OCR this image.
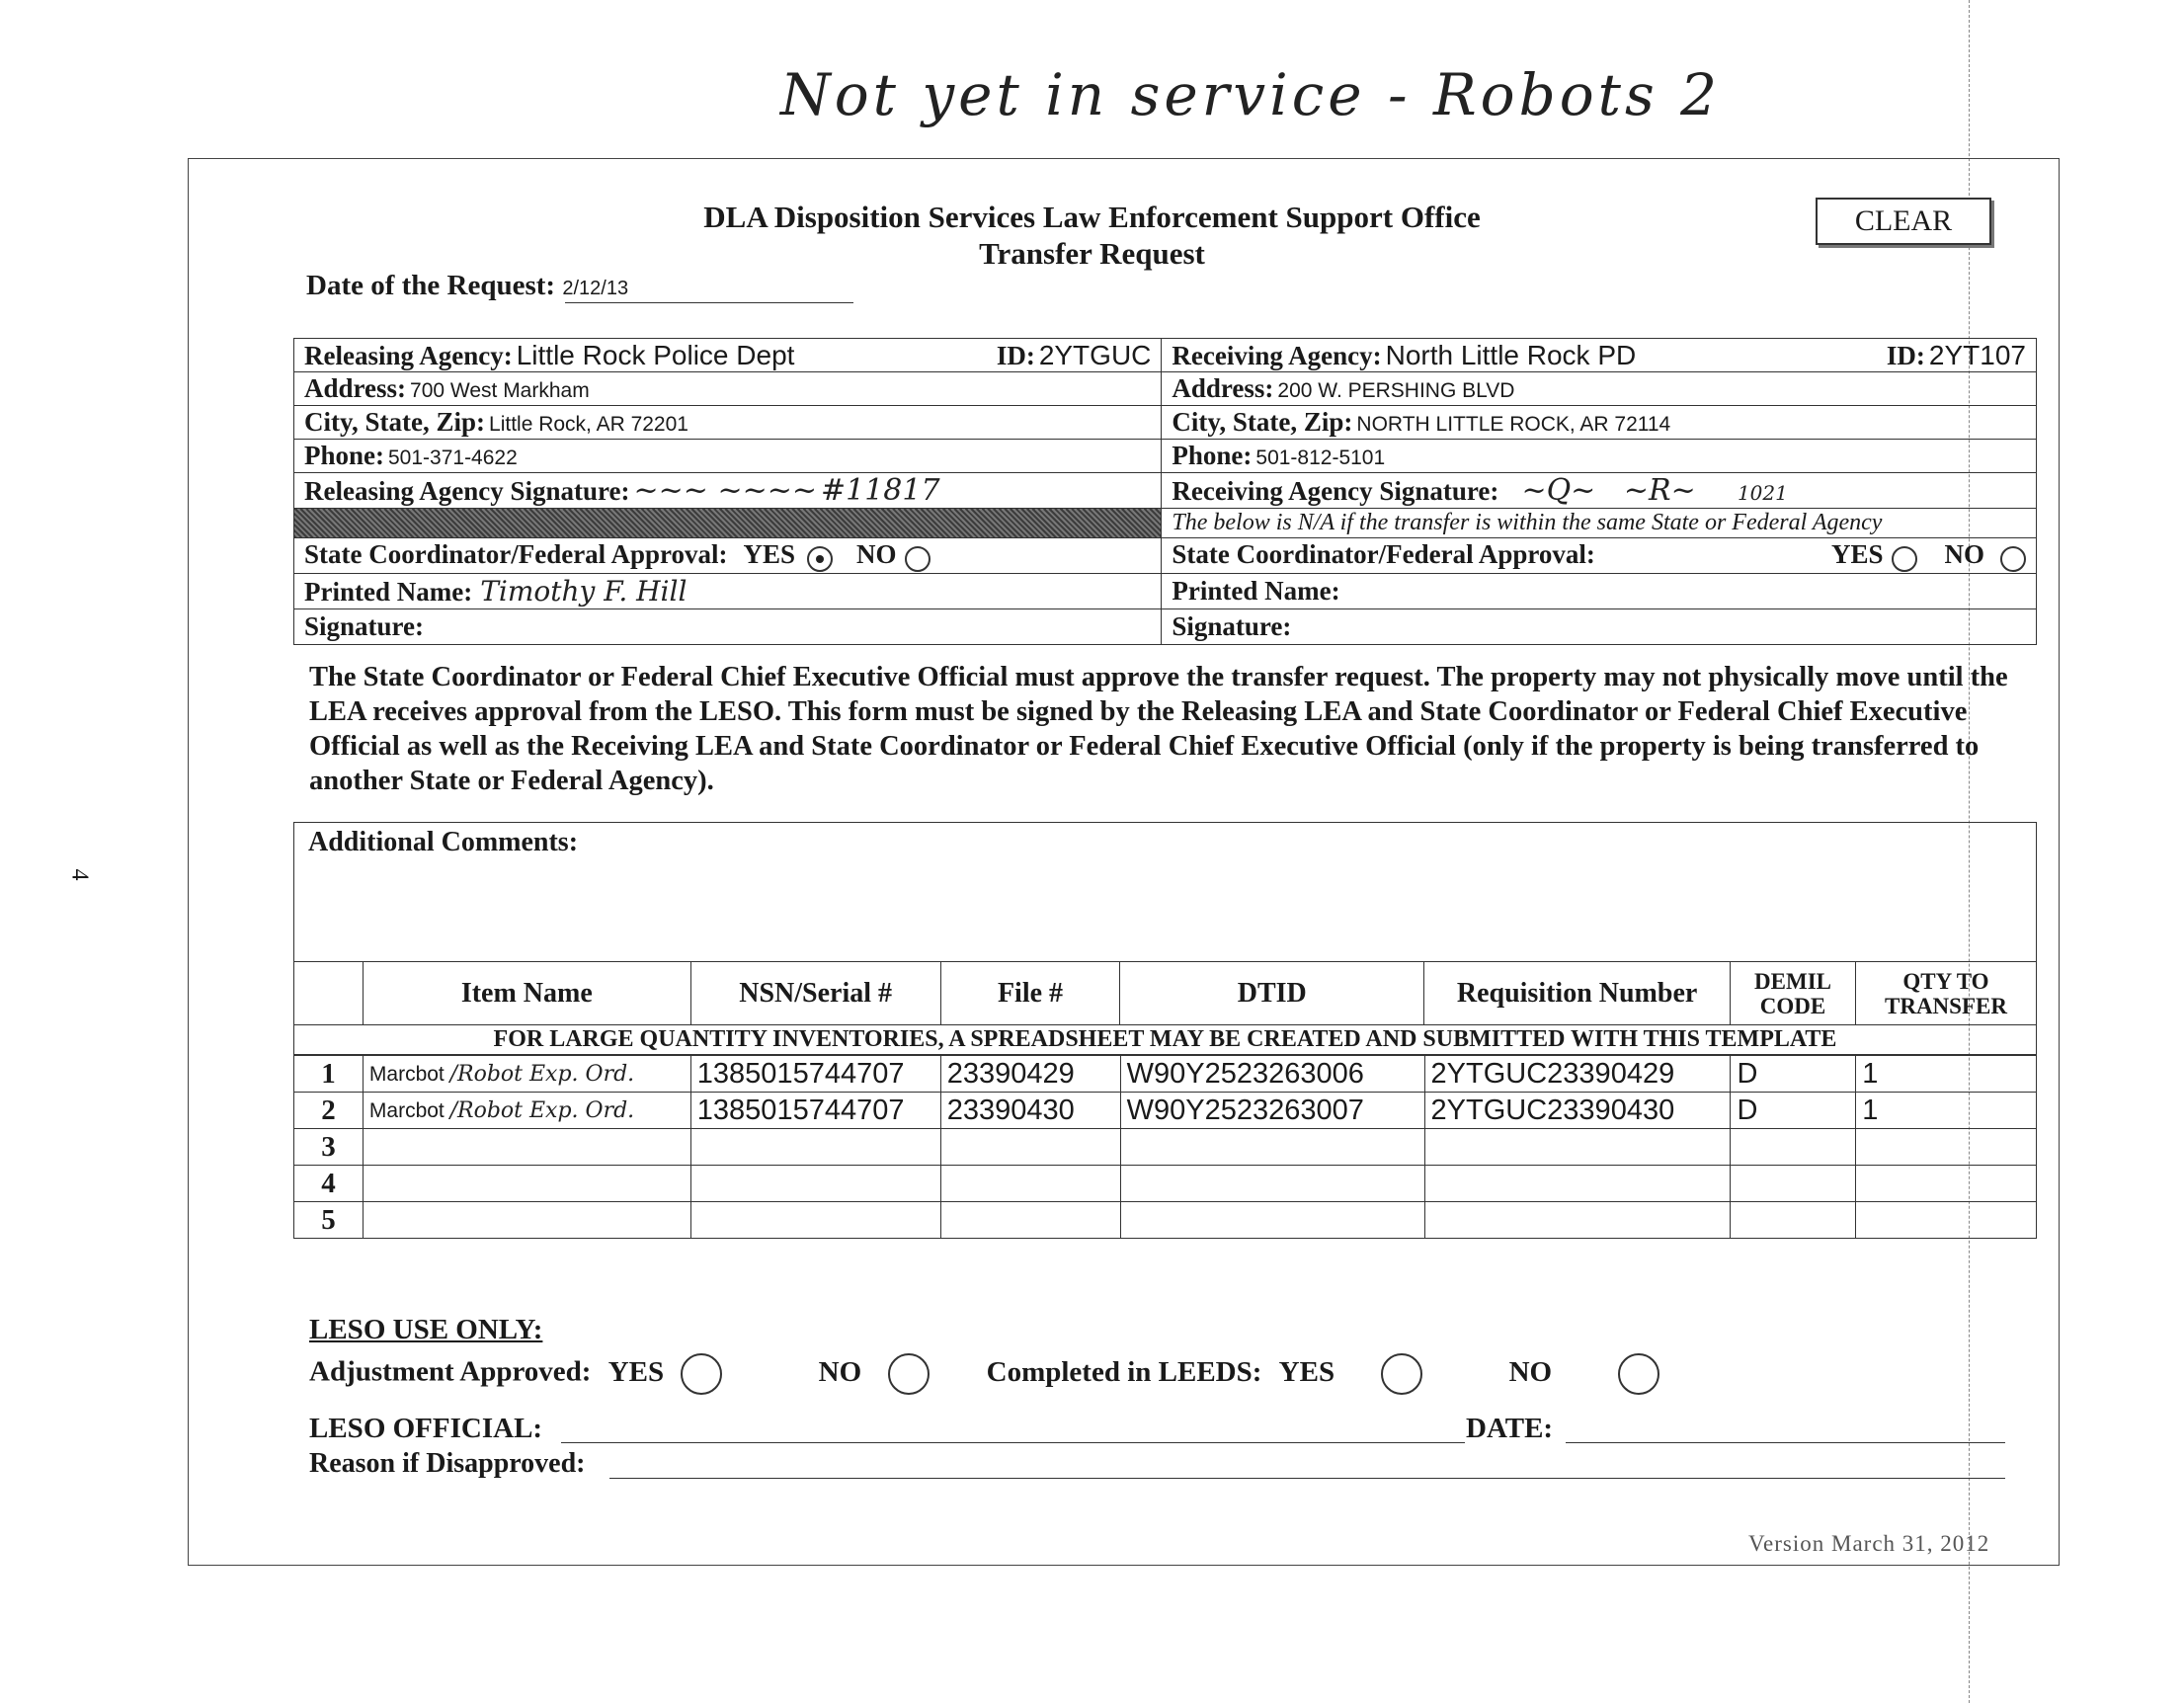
Not yet in service - Robots 2
4
DLA Disposition Services Law Enforcement Support Office
Transfer Request
CLEAR
Date of the Request: 2/12/13
Releasing Agency: Little Rock Police Dept ID: 2YTGUC	Receiving Agency: North Little Rock PD ID: 2YT107

Address: 700 West Markham	Address: 200 W. PERSHING BLVD
City, State, Zip: Little Rock, AR 72201	City, State, Zip: NORTH LITTLE ROCK, AR 72114
Phone: 501-371-4622	Phone: 501-812-5101
Releasing Agency Signature: ~~~ ~~~~ #11817	Receiving Agency Signature:   ~Q~   ~R~     1021
	The below is N/A if the transfer is within the same State or Federal Agency
State Coordinator/Federal Approval: YES NO	State Coordinator/Federal Approval: YES NO

Printed Name: Timothy F. Hill	Printed Name:
Signature:	Signature:
The State Coordinator or Federal Chief Executive Official must approve the transfer request. The property may not physically move until the LEA receives approval from the LESO. This form must be signed by the Releasing LEA and State Coordinator or Federal Chief Executive Official as well as the Receiving LEA and State Coordinator or Federal Chief Executive Official (only if the property is being transferred to another State or Federal Agency).
Additional Comments:
	Item Name	NSN/Serial #	File #	DTID	Requisition Number	DEMIL CODE	QTY TO TRANSFER
FOR LARGE QUANTITY INVENTORIES, A SPREADSHEET MAY BE CREATED AND SUBMITTED WITH THIS TEMPLATE
1	Marcbot /Robot Exp. Ord.	1385015744707	23390429	W90Y2523263006	2YTGUC23390429	D	1
2	Marcbot /Robot Exp. Ord.	1385015744707	23390430	W90Y2523263007	2YTGUC23390430	D	1
3							
4							
5							
LESO USE ONLY:
Adjustment Approved: YES	NO	Completed in LEEDS: YES	NO
LESO OFFICIAL:	DATE:
Reason if Disapproved:
Version March 31, 2012
